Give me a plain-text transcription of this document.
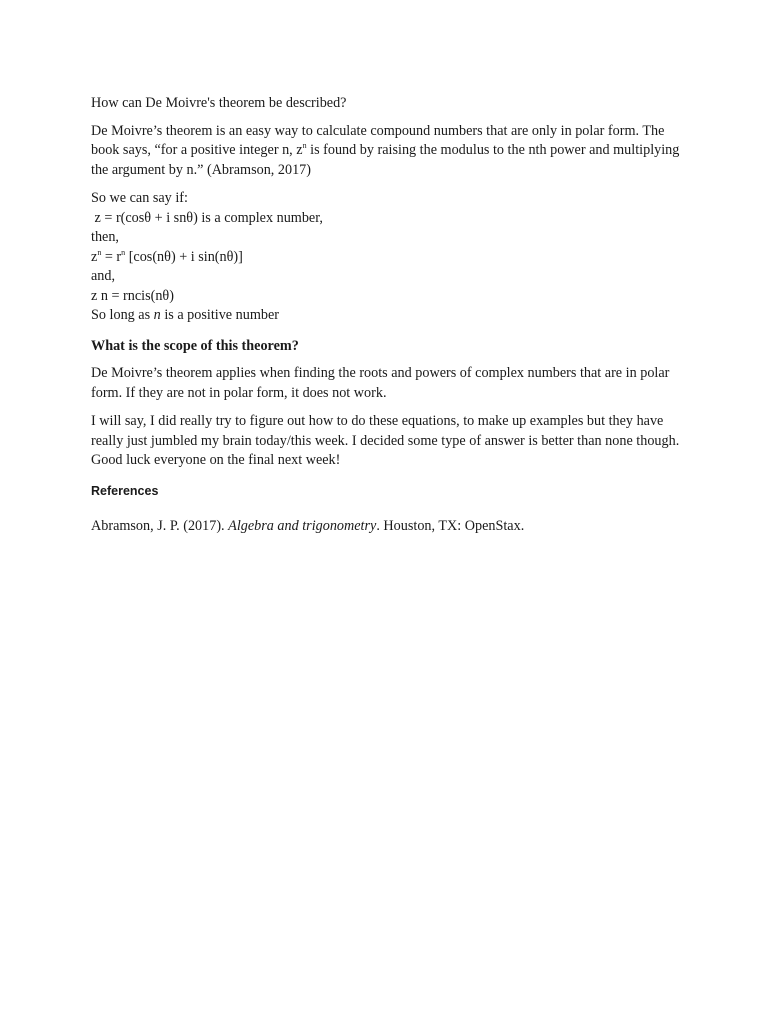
How can De Moivre's theorem be described?

De Moivre’s theorem is an easy way to calculate compound numbers that are only in polar form. The book says, “for a positive integer n, $z^n$ is found by raising the modulus to the nth power and multiplying the argument by n.” (Abramson, 2017)

So we can say if:
z = r(cosθ + i snθ) is a complex number,
then,
$z^n = r^n$ [cos(nθ) + i sin(nθ)]
and,
z n = rncis(nθ)
So long as n is a positive number

What is the scope of this theorem?

De Moivre’s theorem applies when finding the roots and powers of complex numbers that are in polar form. If they are not in polar form, it does not work.

I will say, I did really try to figure out how to do these equations, to make up examples but they have really just jumbled my brain today/this week. I decided some type of answer is better than none though. Good luck everyone on the final next week!

References

Abramson, J. P. (2017). Algebra and trigonometry. Houston, TX: OpenStax.
